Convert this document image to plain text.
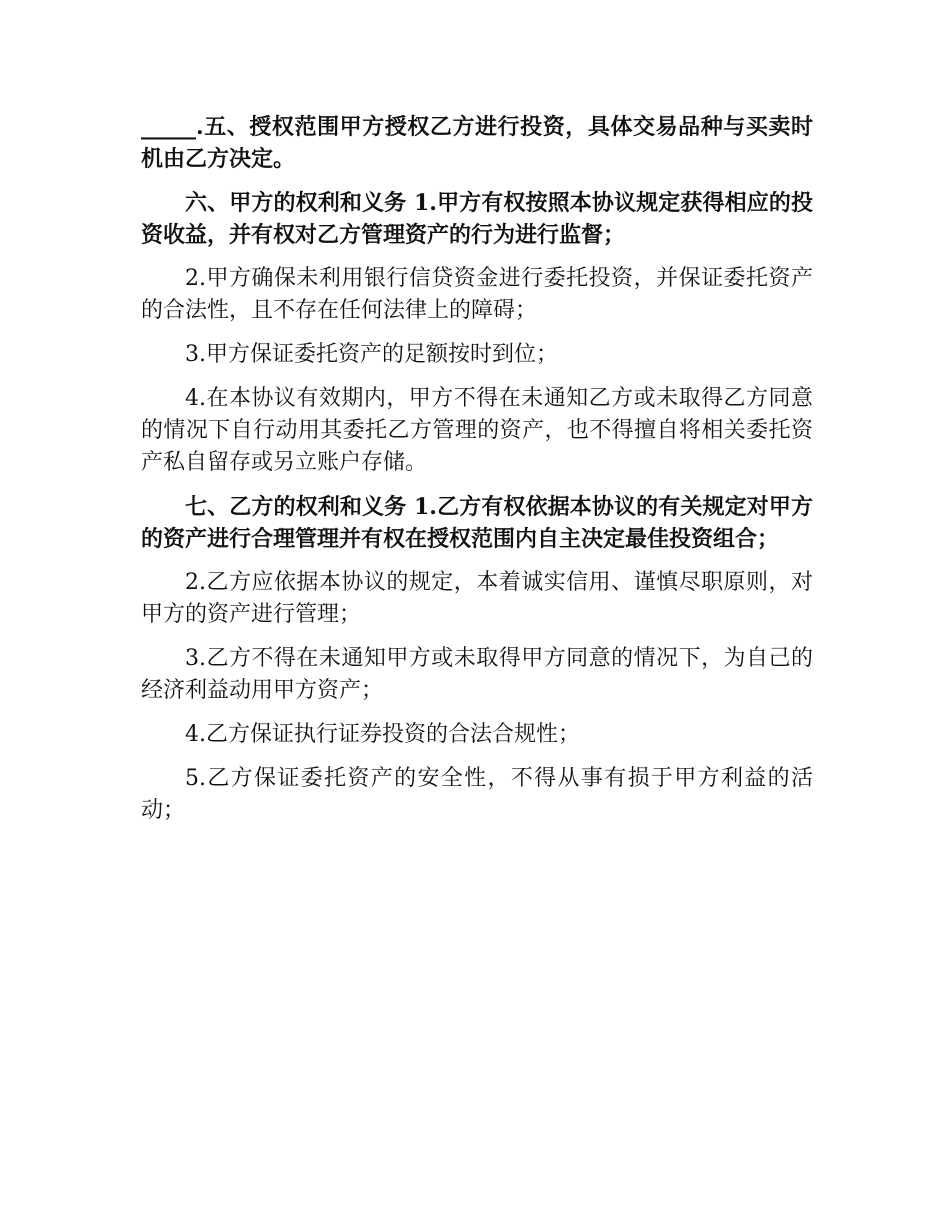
_____.五、授权范围甲方授权乙方进行投资，具体交易品种与买卖时机由乙方决定。

六、甲方的权利和义务 1.甲方有权按照本协议规定获得相应的投资收益，并有权对乙方管理资产的行为进行监督；

2.甲方确保未利用银行信贷资金进行委托投资，并保证委托资产的合法性，且不存在任何法律上的障碍；

3.甲方保证委托资产的足额按时到位；

4.在本协议有效期内，甲方不得在未通知乙方或未取得乙方同意的情况下自行动用其委托乙方管理的资产，也不得擅自将相关委托资产私自留存或另立账户存储。

七、乙方的权利和义务 1.乙方有权依据本协议的有关规定对甲方的资产进行合理管理并有权在授权范围内自主决定最佳投资组合；

2.乙方应依据本协议的规定，本着诚实信用、谨慎尽职原则，对甲方的资产进行管理；

3.乙方不得在未通知甲方或未取得甲方同意的情况下，为自己的经济利益动用甲方资产；

4.乙方保证执行证券投资的合法合规性；

5.乙方保证委托资产的安全性，不得从事有损于甲方利益的活动；
